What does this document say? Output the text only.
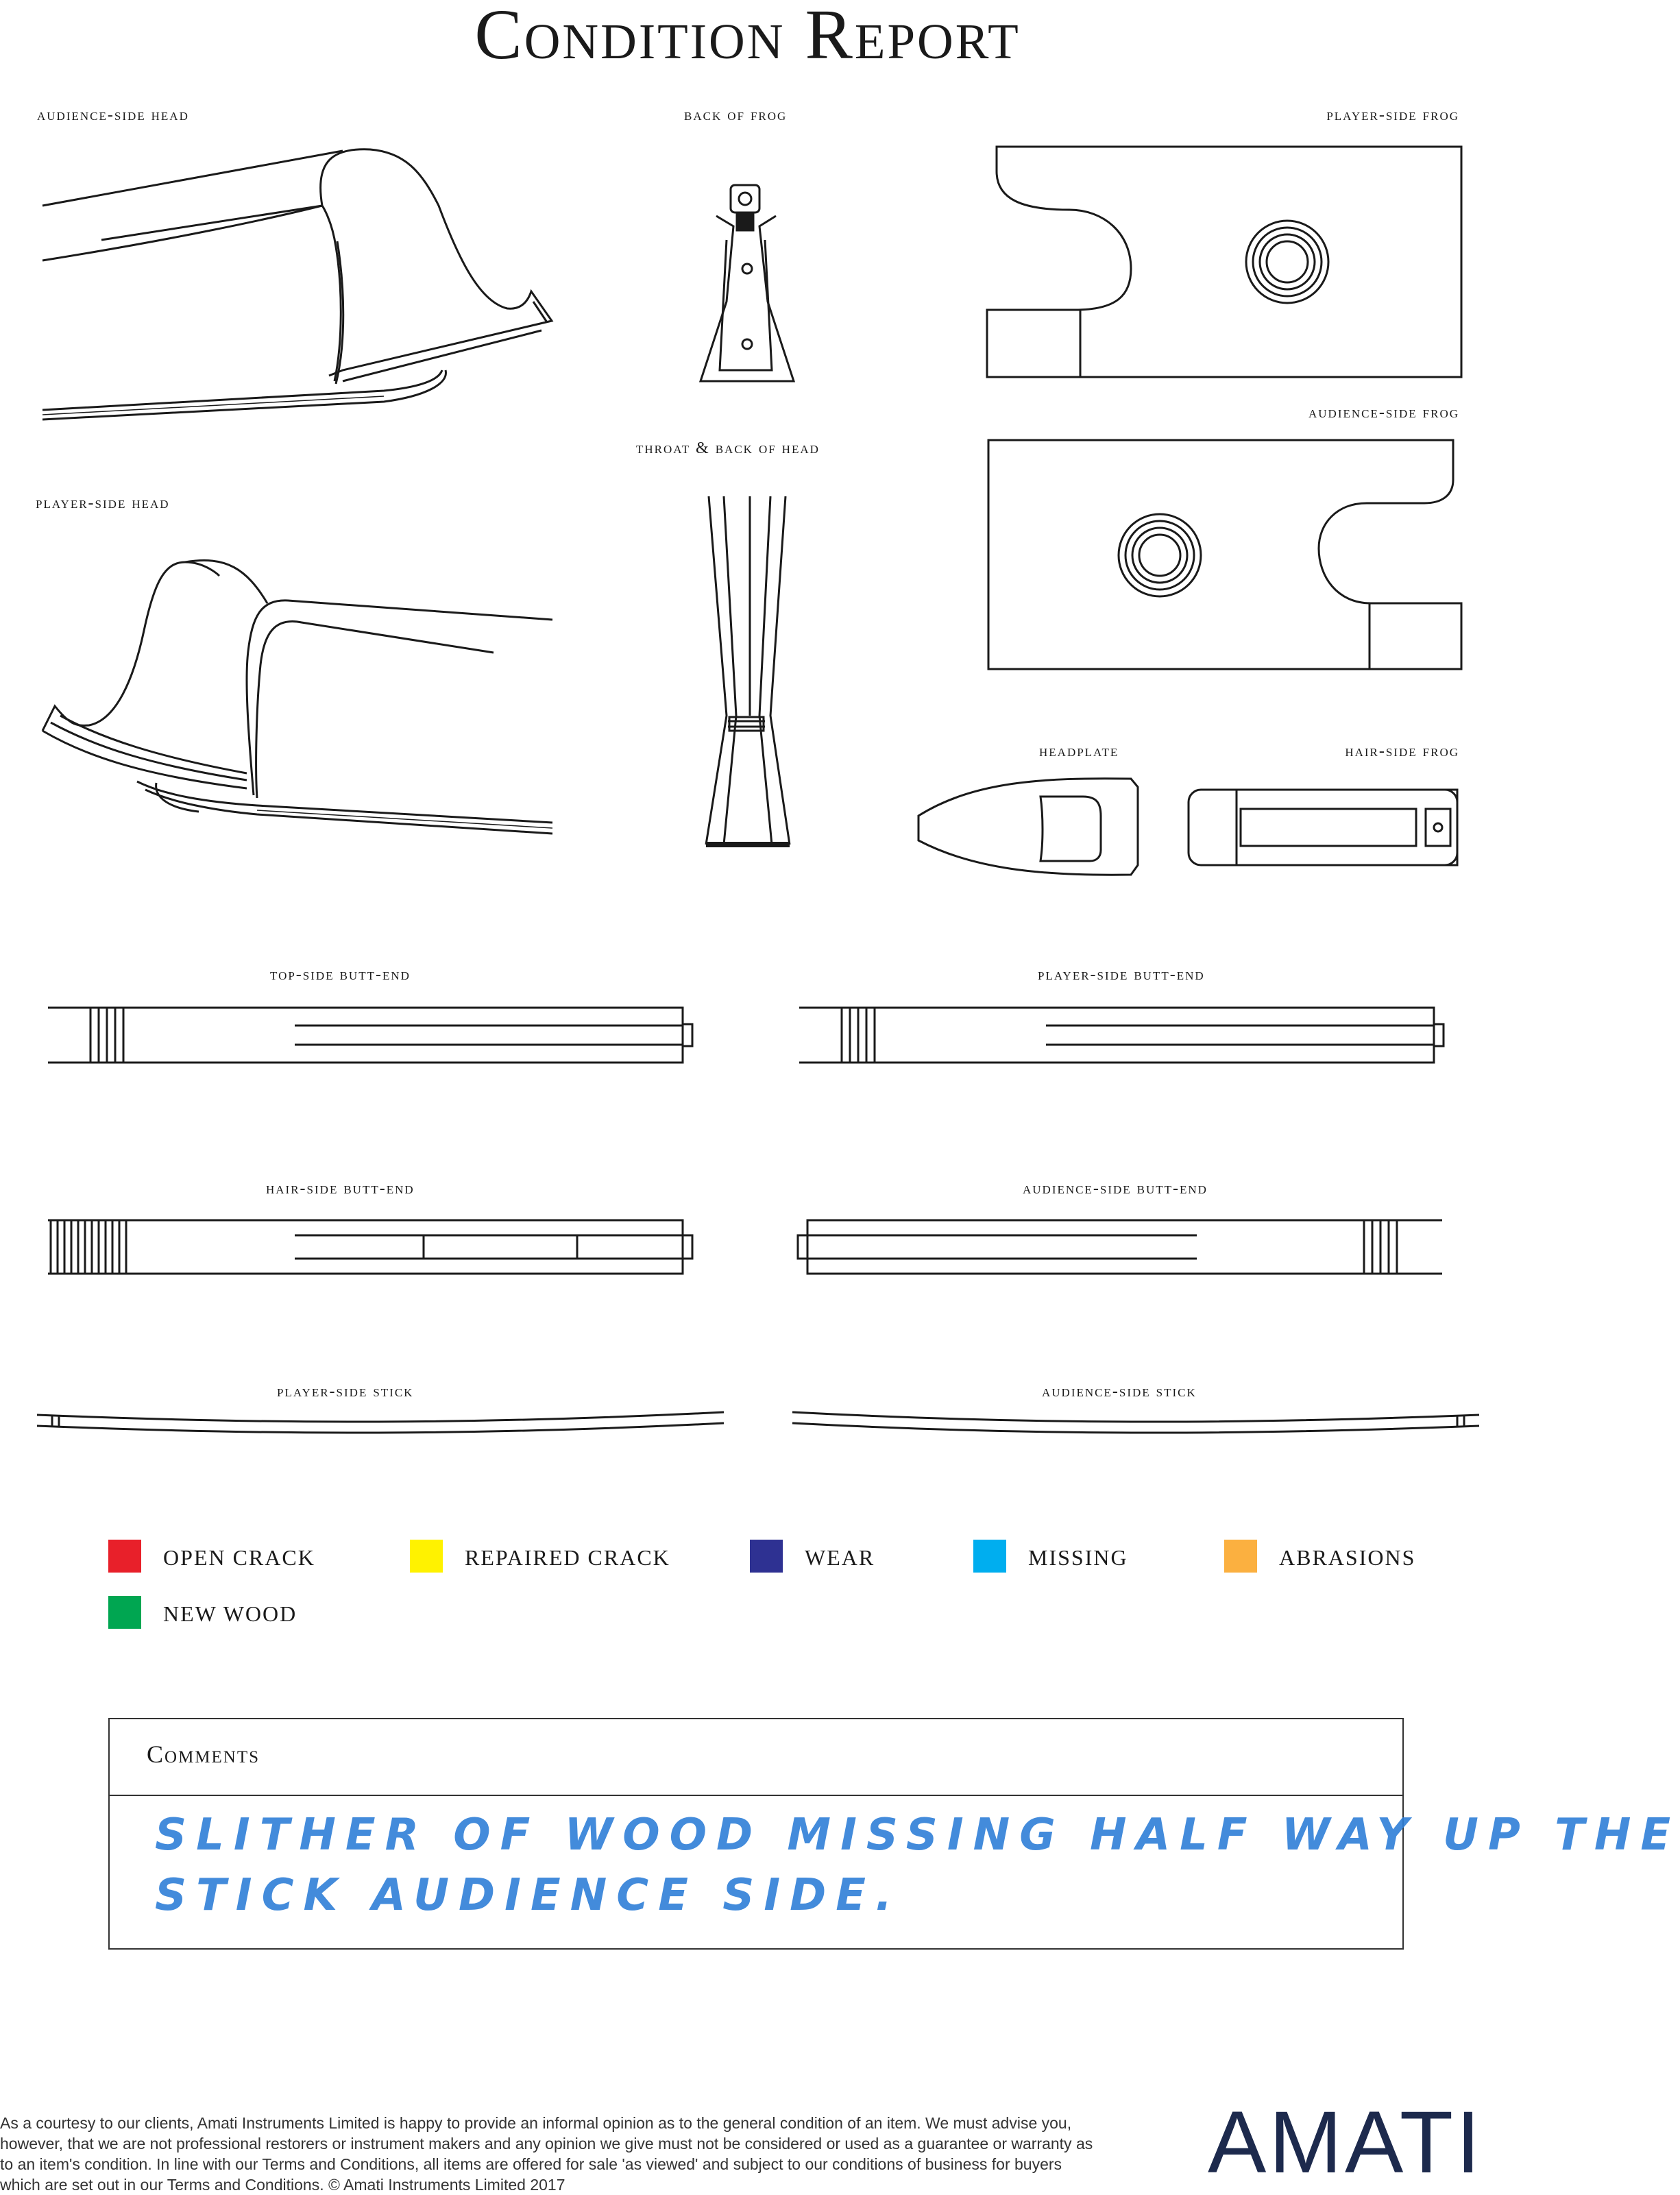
Condition Report
audience-side head	back of frog	player-side frog
audience-side frog
throat & back of head
player-side head
headplate	hair-side frog
top-side butt-end	player-side butt-end
hair-side butt-end	audience-side butt-end
player-side stick	audience-side stick
OPEN CRACK	REPAIRED CRACK	WEAR	MISSING	ABRASIONS
NEW WOOD
Comments
SLITHER OF WOOD MISSING HALF WAY UP THE
STICK AUDIENCE SIDE.
As a courtesy to our clients, Amati Instruments Limited is happy to provide an informal opinion as to the general condition of an item. We must advise you, however, that we are not professional restorers or instrument makers and any opinion we give must not be considered or used as a guarantee or warranty as to an item's condition. In line with our Terms and Conditions, all items are offered for sale 'as viewed' and subject to our conditions of business for buyers which are set out in our Terms and Conditions. © Amati Instruments Limited 2017	AMATI
